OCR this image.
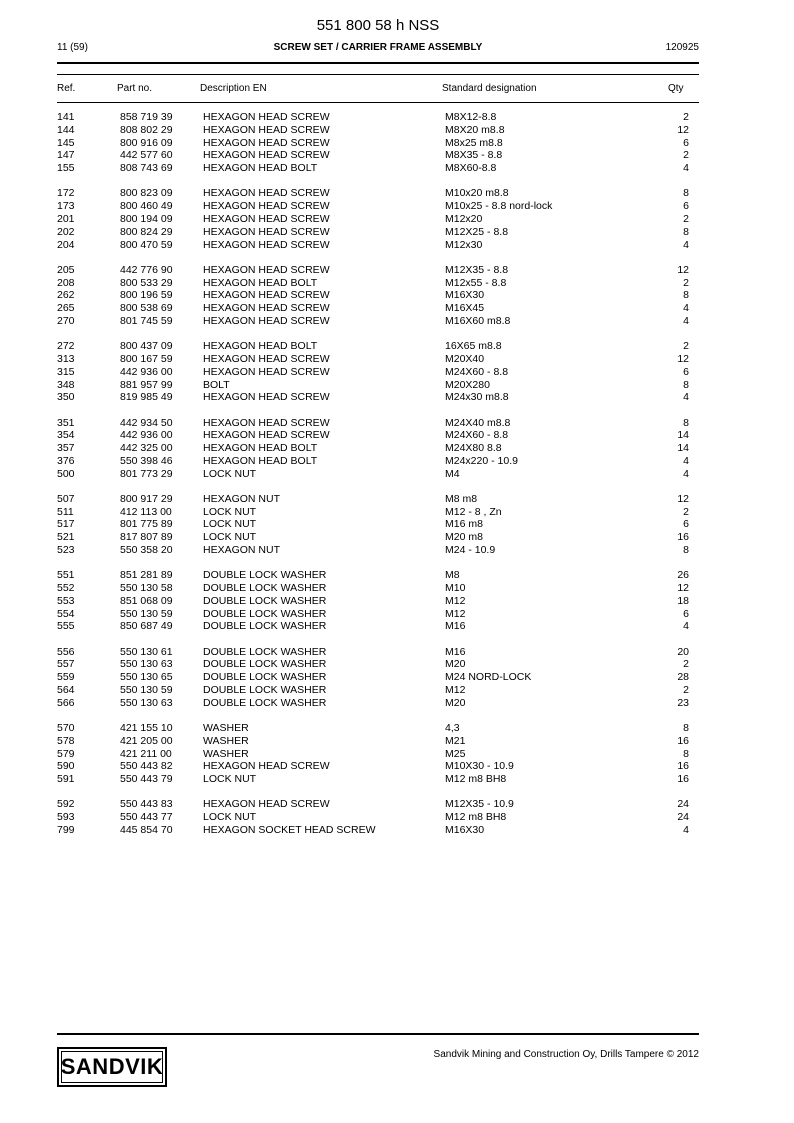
551 800 58 h NSS
11 (59)	SCREW SET / CARRIER FRAME ASSEMBLY	120925
Ref.	Part no.	Description EN	Standard designation	Qty
141	858 719 39	HEXAGON HEAD SCREW	M8X12-8.8	2
144	808 802 29	HEXAGON HEAD SCREW	M8X20 m8.8	12
145	800 916 09	HEXAGON HEAD SCREW	M8x25 m8.8	6
147	442 577 60	HEXAGON HEAD SCREW	M8X35 - 8.8	2
155	808 743 69	HEXAGON HEAD BOLT	M8X60-8.8	4
172	800 823 09	HEXAGON HEAD SCREW	M10x20 m8.8	8
173	800 460 49	HEXAGON HEAD SCREW	M10x25 - 8.8 nord-lock	6
201	800 194 09	HEXAGON HEAD SCREW	M12x20	2
202	800 824 29	HEXAGON HEAD SCREW	M12X25 - 8.8	8
204	800 470 59	HEXAGON HEAD SCREW	M12x30	4
205	442 776 90	HEXAGON HEAD SCREW	M12X35 - 8.8	12
208	800 533 29	HEXAGON HEAD BOLT	M12x55 - 8.8	2
262	800 196 59	HEXAGON HEAD SCREW	M16X30	8
265	800 538 69	HEXAGON HEAD SCREW	M16X45	4
270	801 745 59	HEXAGON HEAD SCREW	M16X60 m8.8	4
272	800 437 09	HEXAGON HEAD BOLT	16X65 m8.8	2
313	800 167 59	HEXAGON HEAD SCREW	M20X40	12
315	442 936 00	HEXAGON HEAD SCREW	M24X60 - 8.8	6
348	881 957 99	BOLT	M20X280	8
350	819 985 49	HEXAGON HEAD SCREW	M24x30 m8.8	4
351	442 934 50	HEXAGON HEAD SCREW	M24X40 m8.8	8
354	442 936 00	HEXAGON HEAD SCREW	M24X60 - 8.8	14
357	442 325 00	HEXAGON HEAD BOLT	M24X80 8.8	14
376	550 398 46	HEXAGON HEAD BOLT	M24x220 - 10.9	4
500	801 773 29	LOCK NUT	M4	4
507	800 917 29	HEXAGON NUT	M8 m8	12
511	412 113 00	LOCK NUT	M12 - 8 , Zn	2
517	801 775 89	LOCK NUT	M16 m8	6
521	817 807 89	LOCK NUT	M20 m8	16
523	550 358 20	HEXAGON NUT	M24 - 10.9	8
551	851 281 89	DOUBLE LOCK WASHER	M8	26
552	550 130 58	DOUBLE LOCK WASHER	M10	12
553	851 068 09	DOUBLE LOCK WASHER	M12	18
554	550 130 59	DOUBLE LOCK WASHER	M12	6
555	850 687 49	DOUBLE LOCK WASHER	M16	4
556	550 130 61	DOUBLE LOCK WASHER	M16	20
557	550 130 63	DOUBLE LOCK WASHER	M20	2
559	550 130 65	DOUBLE LOCK WASHER	M24 NORD-LOCK	28
564	550 130 59	DOUBLE LOCK WASHER	M12	2
566	550 130 63	DOUBLE LOCK WASHER	M20	23
570	421 155 10	WASHER	4,3	8
578	421 205 00	WASHER	M21	16
579	421 211 00	WASHER	M25	8
590	550 443 82	HEXAGON HEAD SCREW	M10X30 - 10.9	16
591	550 443 79	LOCK NUT	M12 m8 BH8	16
592	550 443 83	HEXAGON HEAD SCREW	M12X35 - 10.9	24
593	550 443 77	LOCK NUT	M12 m8 BH8	24
799	445 854 70	HEXAGON SOCKET HEAD SCREW	M16X30	4
SANDVIK	Sandvik Mining and Construction Oy, Drills Tampere © 2012
